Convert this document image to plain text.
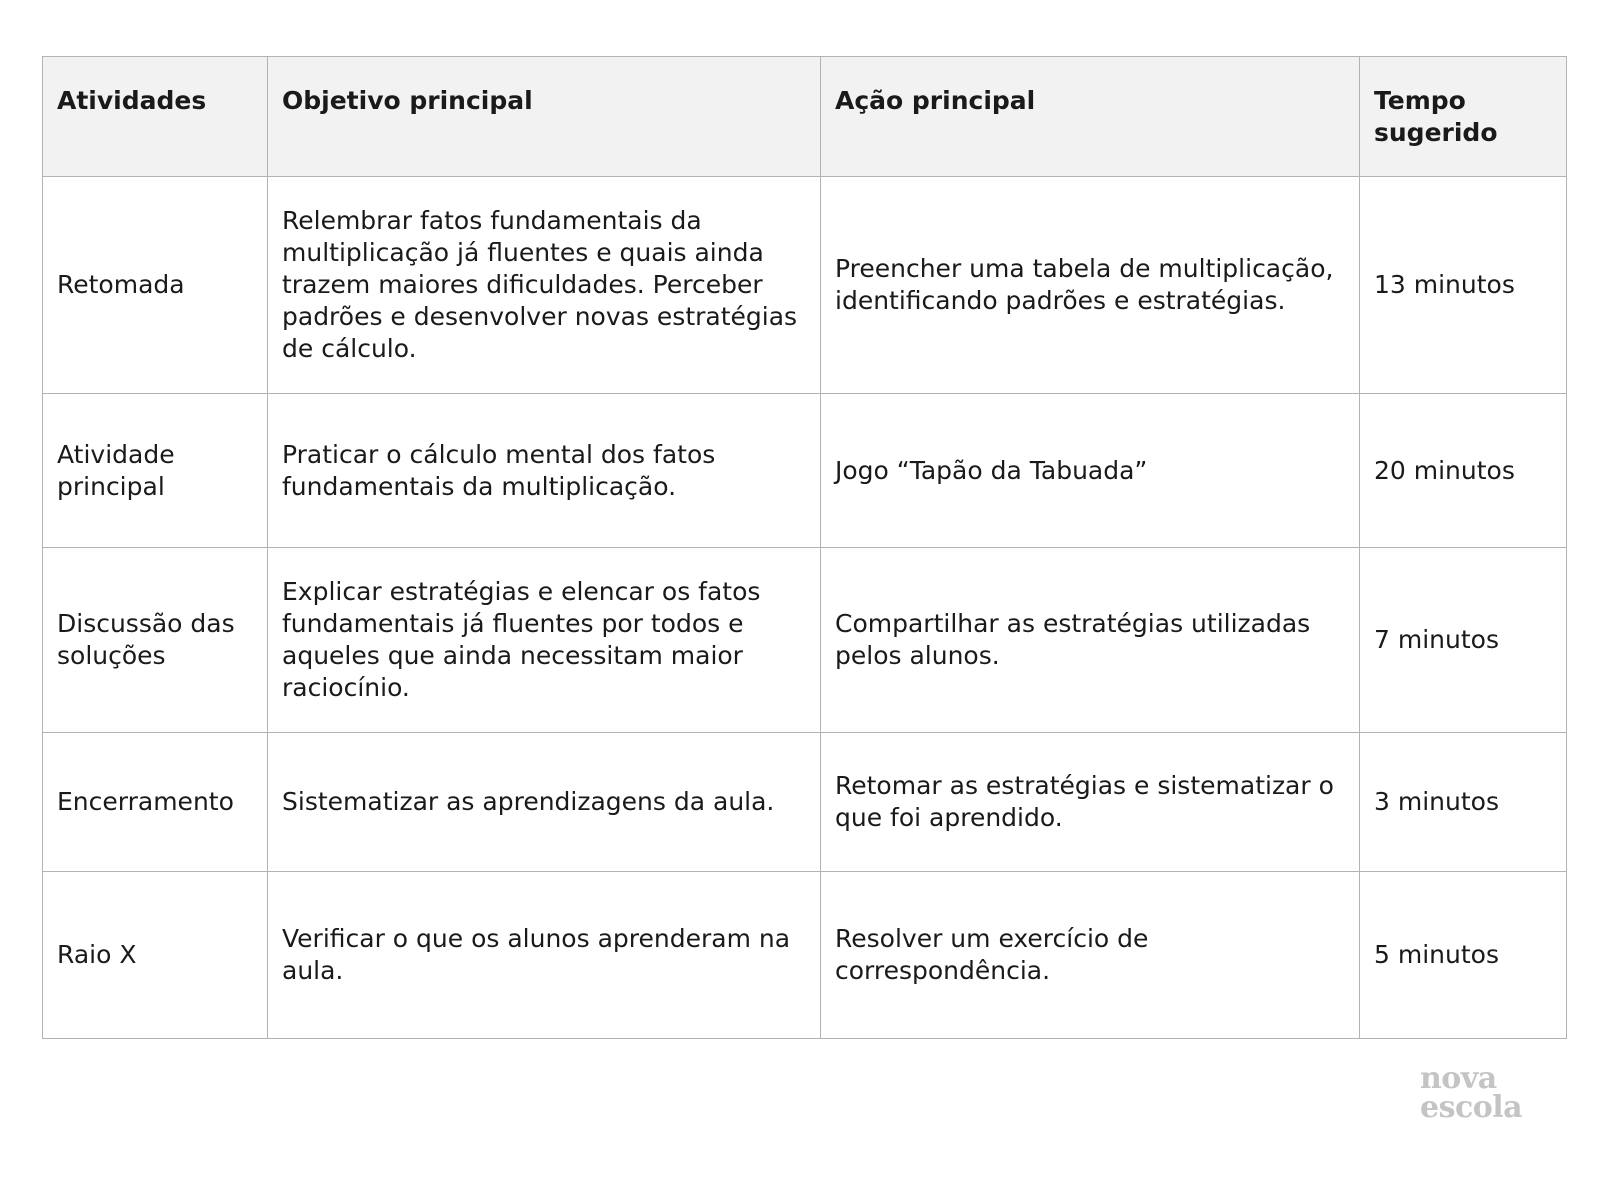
Atividades	Objetivo principal	Ação principal	Tempo sugerido
Retomada	Relembrar fatos fundamentais da multiplicação já fluentes e quais ainda trazem maiores dificuldades. Perceber padrões e desenvolver novas estratégias de cálculo.	Preencher uma tabela de multiplicação, identificando padrões e estratégias.	13 minutos
Atividade principal	Praticar o cálculo mental dos fatos fundamentais da multiplicação.	Jogo “Tapão da Tabuada”	20 minutos
Discussão das soluções	Explicar estratégias e elencar os fatos fundamentais já fluentes por todos e aqueles que ainda necessitam maior raciocínio.	Compartilhar as estratégias utilizadas pelos alunos.	7 minutos
Encerramento	Sistematizar as aprendizagens da aula.	Retomar as estratégias e sistematizar o que foi aprendido.	3 minutos
Raio X	Verificar o que os alunos aprenderam na aula.	Resolver um exercício de correspondência.	5 minutos
nova
escola
